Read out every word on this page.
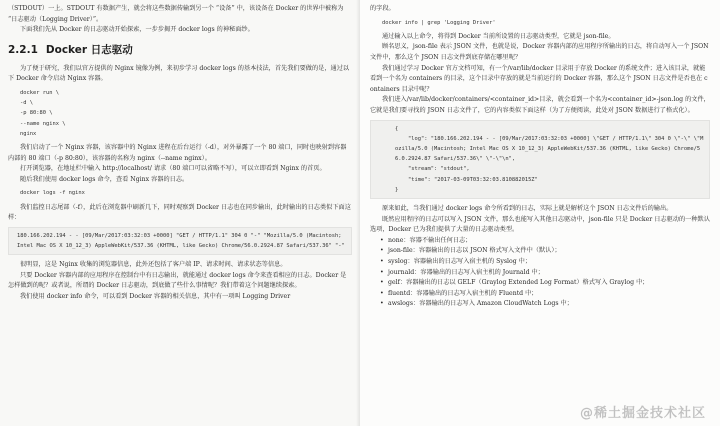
（STDOUT）一上。STDOUT 有数据产生，就会将这些数据传输到另一个 “设备” 中，该设备在 Docker 的世界中被称为 “日志驱动（Logging Driver）”。

下面我们先从 Docker 的日志驱动开始探索，一步步揭开 docker logs 的神秘面纱。

2.2.1 Docker 日志驱动

为了便于研究，我们以官方提供的 Nginx 镜像为例，来初步学习 docker logs 的基本技法，首先我们要做的是，通过以下 Docker 命令启动 Nginx 容器。

docker run \
-d \
-p 80:80 \
--name nginx \
nginx

我们启动了一个 Nginx 容器，该容器中的 Nginx 进程在后台运行（-d），对外暴露了一个 80 端口，同时也映射到容器内部的 80 端口（-p 80:80），该容器的名称为 nginx（--name nginx）。

打开浏览器，在地址栏中输入 http://localhost/ 请求（80 端口可以省略不写），可以立即看到 Nginx 的首页。

随后我们使用 docker logs 命令，查看 Nginx 容器的日志。

docker logs -f nginx

我们监控日志尾部（-f），此后在浏览器中刷新几下，同时观察到 Docker 日志也在同步输出，此时输出的日志类似下面这样：

180.166.202.194 - - [09/Mar/2017:03:32:03 +0000] "GET / HTTP/1.1" 304 0 "-" "Mozilla/5.0 (Macintosh; Intel Mac OS X 10_12_3) AppleWebKit/537.36 (KHTML, like Gecko) Chrome/56.0.2924.87 Safari/537.36" "-"

很明显，这是 Nginx 收集的浏览器信息，此外还包括了客户端 IP、请求时间、请求状态等信息。

只要 Docker 容器内部的应用程序在控制台中有日志输出，就能通过 docker logs 命令来查看相应的日志。Docker 是怎样做到的呢？或者说，所谓的 Docker 日志驱动，到底做了些什么事情呢？我们带着这个问题继续探索。

我们使用 docker info 命令，可以看到 Docker 容器的相关信息，其中有一项叫 Logging Driver

的字段。

docker info | grep 'Logging Driver'

通过输入以上命令，将得到 Docker 当前所设置的日志驱动类型，它就是 json-file。

顾名思义，json-file 表示 JSON 文件，也就是说，Docker 容器内部的应用程序所输出的日志，将自动写入一个 JSON 文件中，那么这个 JSON 日志文件到底存储在哪里呢？

我们通过学习 Docker 官方文档可知，有一个/var/lib/docker 目录用于存放 Docker 的系统文件；进入该目录，就能看到一个名为 containers 的目录，这个目录中存放的就是当前运行的 Docker 容器，那么这个 JSON 日志文件是否也在 containers 目录中呢？

我们进入/var/lib/docker/containers/<container_id>目录，就会看到一个名为<container_id>-json.log 的文件，它就是我们要寻找的 JSON 日志文件了，它的内容类似下面这样（为了方便阅读，此处对 JSON 数据进行了格式化）。

{
"log": "180.166.202.194 - - [09/Mar/2017:03:32:03 +0000] \"GET / HTTP/1.1\" 304 0 \"-\" \"Mozilla/5.0 (Macintosh; Intel Mac OS X 10_12_3) AppleWebKit/537.36 (KHTML, like Gecko) Chrome/56.0.2924.87 Safari/537.36\" \"-\"\n",
"stream": "stdout",
"time": "2017-03-09T03:32:03.810882015Z"
}

原来如此，当我们通过 docker logs 命令所看到的日志，实际上就是解析这个 JSON 日志文件后的输出。

既然应用程序的日志可以写入 JSON 文件，那么也能写入其他日志驱动中，json-file 只是 Docker 日志驱动的一种默认选项，Docker 已为我们提供了大量的日志驱动类型。

• none：容器不输出任何日志；
• json-file：容器输出的日志以 JSON 格式写入文件中（默认）；
• syslog：容器输出的日志写入宿主机的 Syslog 中；
• journald：容器输出的日志写入宿主机的 Journald 中；
• gelf：容器输出的日志以 GELF（Graylog Extended Log Format）格式写入 Graylog 中；
• fluentd：容器输出的日志写入宿主机的 Fluentd 中；
• awslogs：容器输出的日志写入 Amazon CloudWatch Logs 中；
@稀土掘金技术社区
